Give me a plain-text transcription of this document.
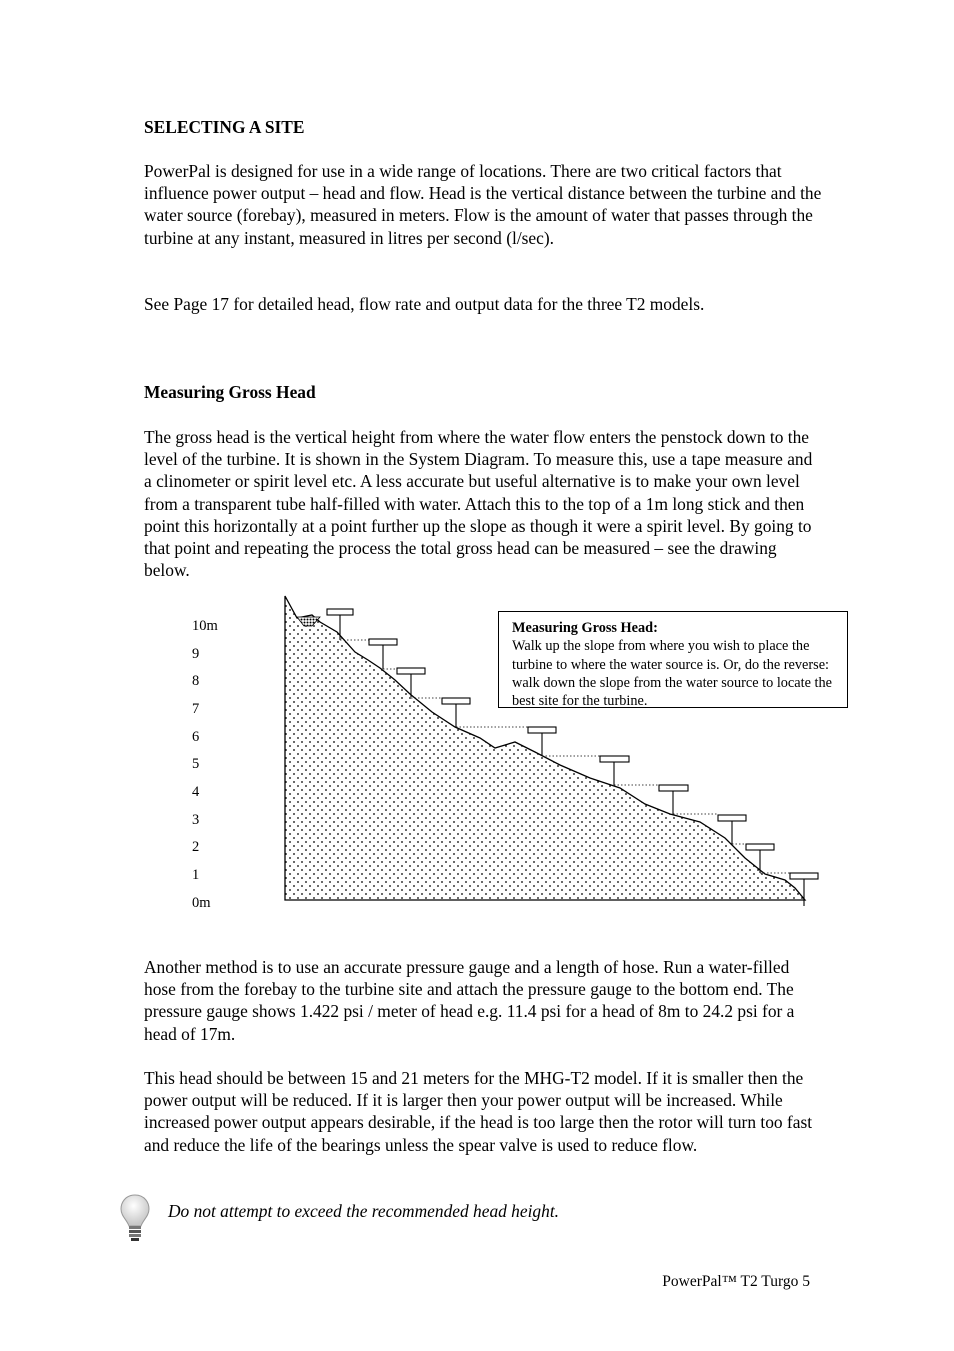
SELECTING A SITE

PowerPal is designed for use in a wide range of locations. There are two critical factors that influence power output – head and flow. Head is the vertical distance between the turbine and the water source (forebay), measured in meters. Flow is the amount of water that passes through the turbine at any instant, measured in litres per second (l/sec).

See Page 17 for detailed head, flow rate and output data for the three T2 models.

Measuring Gross Head

The gross head is the vertical height from where the water flow enters the penstock down to the level of the turbine. It is shown in the System Diagram. To measure this, use a tape measure and a clinometer or spirit level etc. A less accurate but useful alternative is to make your own level from a transparent tube half-filled with water. Attach this to the top of a 1m long stick and then point this horizontally at a point further up the slope as though it were a spirit level. By going to that point and repeating the process the total gross head can be measured – see the drawing below.

10m
9
8
7
6
5
4
3
2
1
0m
Measuring Gross Head:
Walk up the slope from where you wish to place the turbine to where the water source is. Or, do the reverse: walk down the slope from the water source to locate the best site for the turbine.

Another method is to use an accurate pressure gauge and a length of hose. Run a water-filled hose from the forebay to the turbine site and attach the pressure gauge to the bottom end. The pressure gauge shows 1.422 psi / meter of head e.g. 11.4 psi for a head of 8m to 24.2 psi for a head of 17m.

This head should be between 15 and 21 meters for the MHG-T2 model. If it is smaller then the power output will be reduced. If it is larger then your power output will be increased. While increased power output appears desirable, if the head is too large then the rotor will turn too fast and reduce the life of the bearings unless the spear valve is used to reduce flow.

Do not attempt to exceed the recommended head height.
PowerPal™ T2 Turgo 5
